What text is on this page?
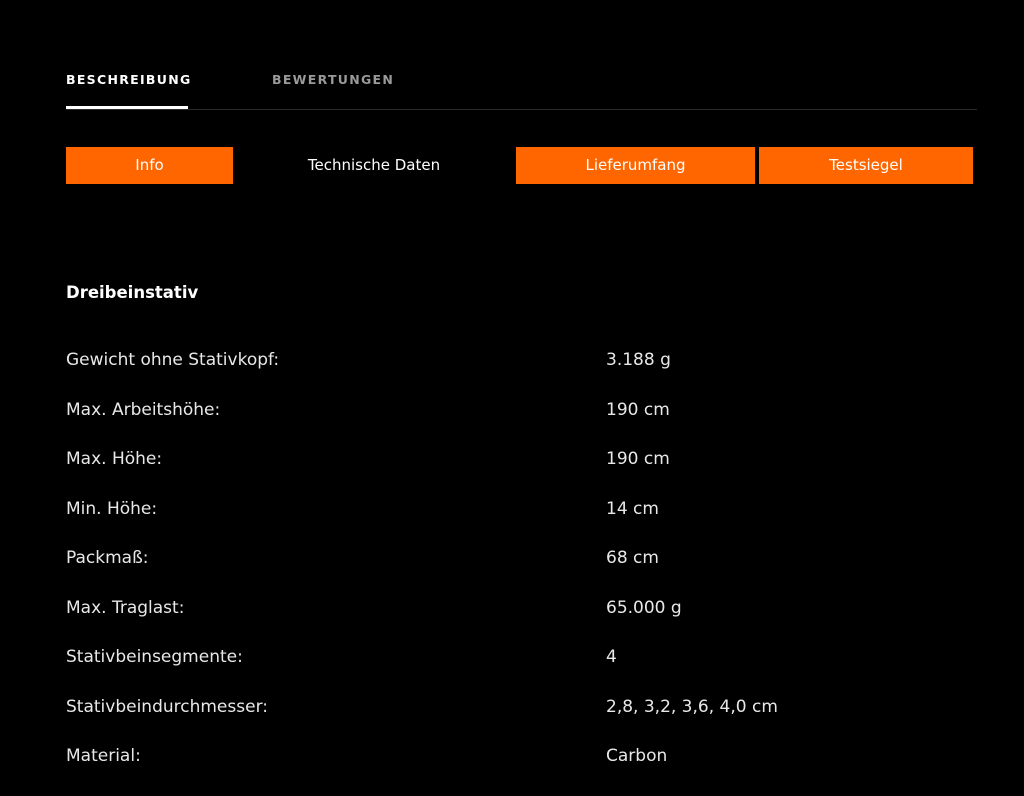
BESCHREIBUNG	BEWERTUNGEN
Info	Technische Daten	Lieferumfang	Testsiegel
Dreibeinstativ
Gewicht ohne Stativkopf:	3.188 g
Max. Arbeitshöhe:	190 cm
Max. Höhe:	190 cm
Min. Höhe:	14 cm
Packmaß:	68 cm
Max. Traglast:	65.000 g
Stativbeinsegmente:	4
Stativbeindurchmesser:	2,8, 3,2, 3,6, 4,0 cm
Material:	Carbon
